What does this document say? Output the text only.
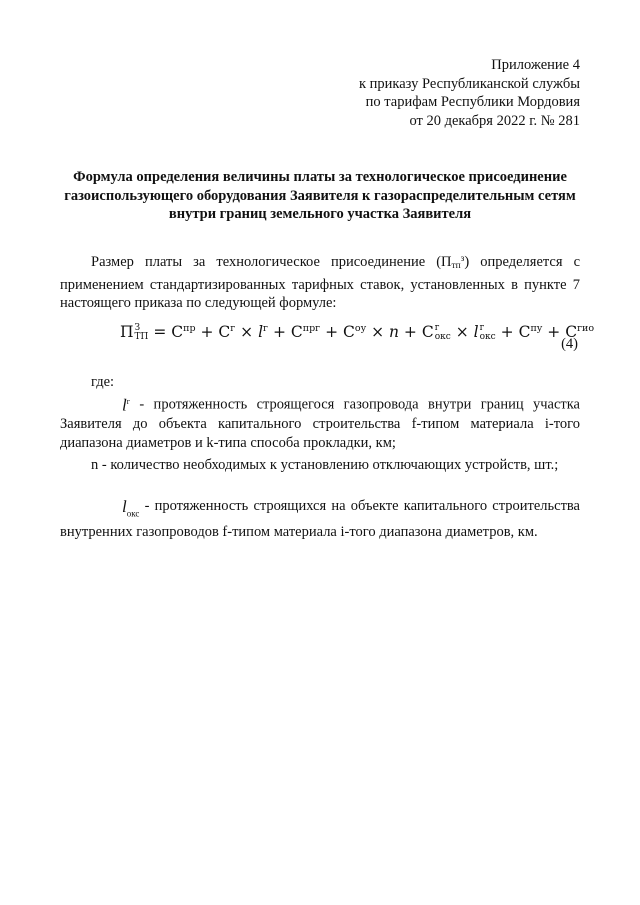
Приложение 4
к приказу Республиканской службы
по тарифам Республики Мордовия
от 20 декабря 2022 г. № 281
Формула определения величины платы за технологическое присоединение газоиспользующего оборудования Заявителя к газораспределительным сетям внутри границ земельного участка Заявителя
Размер платы за технологическое присоединение (Птп$^з$) определяется с применением стандартизированных тарифных ставок, установленных в пункте 7 настоящего приказа по следующей формуле:
П З
ТП = $С^{пр} + С^г \times l^г + С^{прг} + С^{оу} \times n + С$ г
окс × l г
окс + $С^{пу} + С^{гио}$
(4)
где:
$l^г$ - протяженность строящегося газопровода внутри границ участка Заявителя до объекта капитального строительства f-типом материала i-того диапазона диаметров и k-типа способа прокладки, км;
n - количество необходимых к установлению отключающих устройств, шт.;
$l_{окс}$ - протяженность строящихся на объекте капитального строительства внутренних газопроводов f-типом материала i-того диапазона диаметров, км.
